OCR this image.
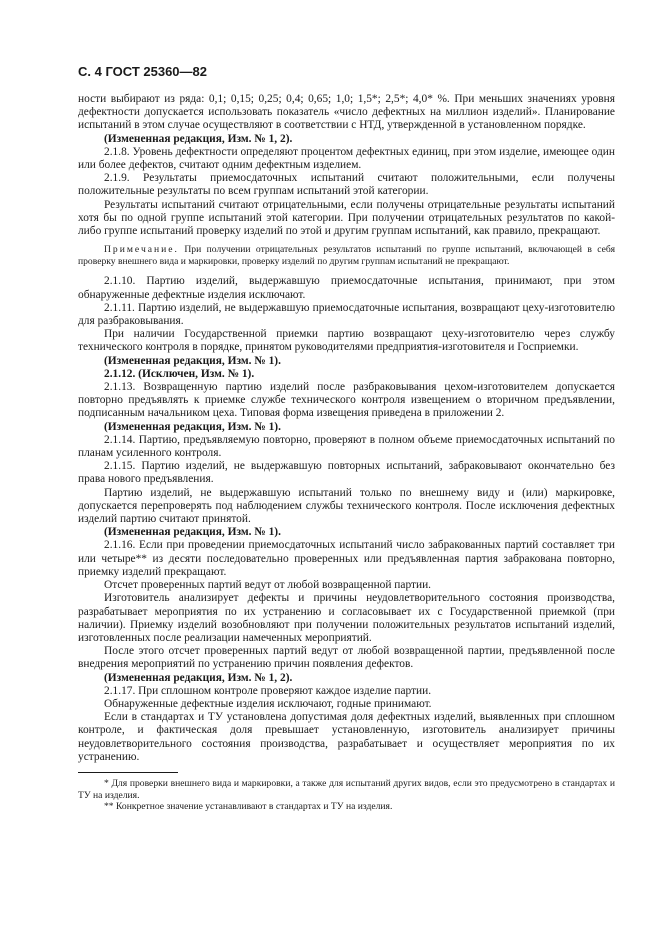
С. 4 ГОСТ 25360—82

ности выбирают из ряда: 0,1; 0,15; 0,25; 0,4; 0,65; 1,0; 1,5*; 2,5*; 4,0* %. При меньших значениях уровня дефектности допускается использовать показатель «число дефектных на миллион изделий». Планирование испытаний в этом случае осуществляют в соответствии с НТД, утвержденной в установленном порядке.

(Измененная редакция, Изм. № 1, 2).

2.1.8. Уровень дефектности определяют процентом дефектных единиц, при этом изделие, имеющее один или более дефектов, считают одним дефектным изделием.

2.1.9. Результаты приемосдаточных испытаний считают положительными, если получены положительные результаты по всем группам испытаний этой категории.

Результаты испытаний считают отрицательными, если получены отрицательные результаты испытаний хотя бы по одной группе испытаний этой категории. При получении отрицательных результатов по какой-либо группе испытаний проверку изделий по этой и другим группам испытаний, как правило, прекращают.

Примечание. При получении отрицательных результатов испытаний по группе испытаний, включающей в себя проверку внешнего вида и маркировки, проверку изделий по другим группам испытаний не прекращают.

2.1.10. Партию изделий, выдержавшую приемосдаточные испытания, принимают, при этом обнаруженные дефектные изделия исключают.

2.1.11. Партию изделий, не выдержавшую приемосдаточные испытания, возвращают цеху-изготовителю для разбраковывания.

При наличии Государственной приемки партию возвращают цеху-изготовителю через службу технического контроля в порядке, принятом руководителями предприятия-изготовителя и Госприемки.

(Измененная редакция, Изм. № 1).

2.1.12. (Исключен, Изм. № 1).

2.1.13. Возвращенную партию изделий после разбраковывания цехом-изготовителем допускается повторно предъявлять к приемке службе технического контроля извещением о вторичном предъявлении, подписанным начальником цеха. Типовая форма извещения приведена в приложении 2.

(Измененная редакция, Изм. № 1).

2.1.14. Партию, предъявляемую повторно, проверяют в полном объеме приемосдаточных испытаний по планам усиленного контроля.

2.1.15. Партию изделий, не выдержавшую повторных испытаний, забраковывают окончательно без права нового предъявления.

Партию изделий, не выдержавшую испытаний только по внешнему виду и (или) маркировке, допускается перепроверять под наблюдением службы технического контроля. После исключения дефектных изделий партию считают принятой.

(Измененная редакция, Изм. № 1).

2.1.16. Если при проведении приемосдаточных испытаний число забракованных партий составляет три или четыре** из десяти последовательно проверенных или предъявленная партия забракована повторно, приемку изделий прекращают.

Отсчет проверенных партий ведут от любой возвращенной партии.

Изготовитель анализирует дефекты и причины неудовлетворительного состояния производства, разрабатывает мероприятия по их устранению и согласовывает их с Государственной приемкой (при наличии). Приемку изделий возобновляют при получении положительных результатов испытаний изделий, изготовленных после реализации намеченных мероприятий.

После этого отсчет проверенных партий ведут от любой возвращенной партии, предъявленной после внедрения мероприятий по устранению причин появления дефектов.

(Измененная редакция, Изм. № 1, 2).

2.1.17. При сплошном контроле проверяют каждое изделие партии.

Обнаруженные дефектные изделия исключают, годные принимают.

Если в стандартах и ТУ установлена допустимая доля дефектных изделий, выявленных при сплошном контроле, и фактическая доля превышает установленную, изготовитель анализирует причины неудовлетворительного состояния производства, разрабатывает и осуществляет мероприятия по их устранению.

* Для проверки внешнего вида и маркировки, а также для испытаний других видов, если это предусмотрено в стандартах и ТУ на изделия.

** Конкретное значение устанавливают в стандартах и ТУ на изделия.
